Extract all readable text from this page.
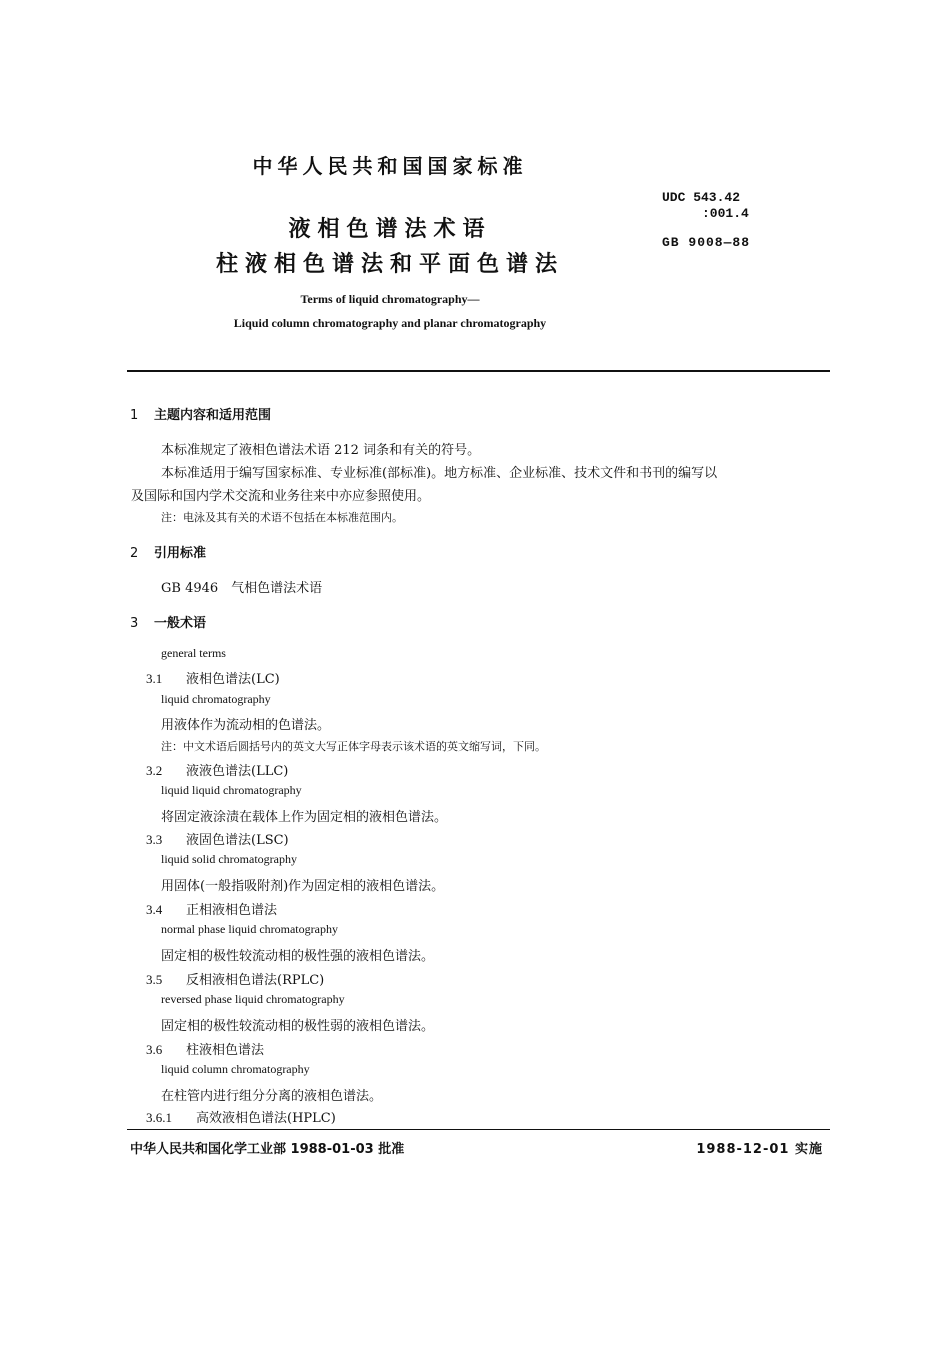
中华人民共和国国家标准
UDC 543.42
:001.4
GB 9008—88
液相色谱法术语
柱液相色谱法和平面色谱法
Terms of liquid chromatography—
Liquid column chromatography and planar chromatography
1 主题内容和适用范围
本标准规定了液相色谱法术语 212 词条和有关的符号。
本标准适用于编写国家标准、专业标准(部标准)。地方标准、企业标准、技术文件和书刊的编写以
及国际和国内学术交流和业务往来中亦应参照使用。
注：电泳及其有关的术语不包括在本标准范围内。
2 引用标准
GB 4946　气相色谱法术语
3 一般术语
general terms
3.1 液相色谱法(LC)
liquid chromatography
用液体作为流动相的色谱法。
注：中文术语后圆括号内的英文大写正体字母表示该术语的英文缩写词，下同。
3.2 液液色谱法(LLC)
liquid liquid chromatography
将固定液涂渍在载体上作为固定相的液相色谱法。
3.3 液固色谱法(LSC)
liquid solid chromatography
用固体(一般指吸附剂)作为固定相的液相色谱法。
3.4 正相液相色谱法
normal phase liquid chromatography
固定相的极性较流动相的极性强的液相色谱法。
3.5 反相液相色谱法(RPLC)
reversed phase liquid chromatography
固定相的极性较流动相的极性弱的液相色谱法。
3.6 柱液相色谱法
liquid column chromatography
在柱管内进行组分分离的液相色谱法。
3.6.1 高效液相色谱法(HPLC)
中华人民共和国化学工业部 1988-01-03 批准	1988-12-01 实施
